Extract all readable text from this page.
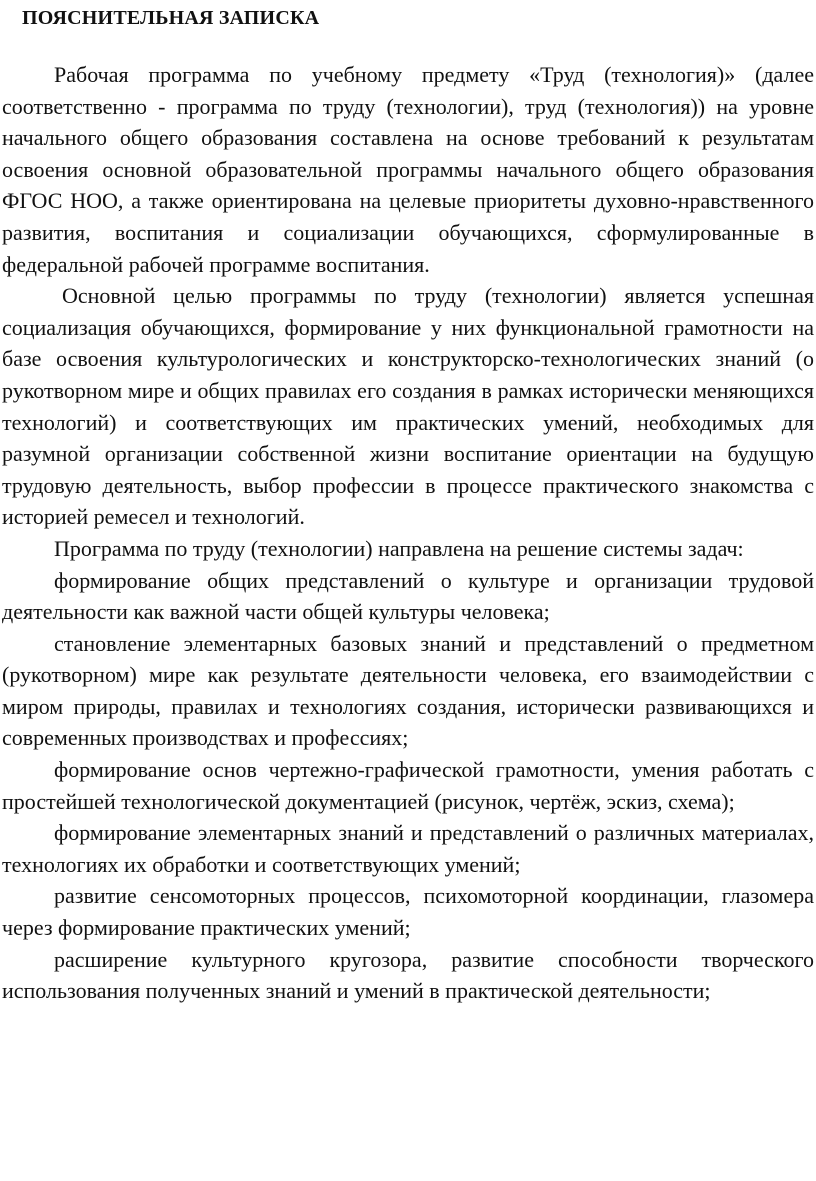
ПОЯСНИТЕЛЬНАЯ ЗАПИСКА

Рабочая программа по учебному предмету «Труд (технология)» (далее соответственно - программа по труду (технологии), труд (технология)) на уровне начального общего образования составлена на основе требований к результатам освоения основной образовательной программы начального общего образования ФГОС НОО, а также ориентирована на целевые приоритеты духовно-нравственного развития, воспитания и социализации обучающихся, сформулированные в федеральной рабочей программе воспитания.

Основной целью программы по труду (технологии) является успешная социализация обучающихся, формирование у них функциональной грамотности на базе освоения культурологических и конструкторско-технологических знаний (о рукотворном мире и общих правилах его создания в рамках исторически меняющихся технологий) и соответствующих им практических умений, необходимых для разумной организации собственной жизни воспитание ориентации на будущую трудовую деятельность, выбор профессии в процессе практического знакомства с историей ремесел и технологий.

Программа по труду (технологии) направлена на решение системы задач:

формирование общих представлений о культуре и организации трудовой деятельности как важной части общей культуры человека;

становление элементарных базовых знаний и представлений о предметном (рукотворном) мире как результате деятельности человека, его взаимодействии с миром природы, правилах и технологиях создания, исторически развивающихся и современных производствах и профессиях;

формирование основ чертежно-графической грамотности, умения работать с простейшей технологической документацией (рисунок, чертёж, эскиз, схема);

формирование элементарных знаний и представлений о различных материалах, технологиях их обработки и соответствующих умений;

развитие сенсомоторных процессов, психомоторной координации, глазомера через формирование практических умений;

расширение культурного кругозора, развитие способности творческого использования полученных знаний и умений в практической деятельности;
